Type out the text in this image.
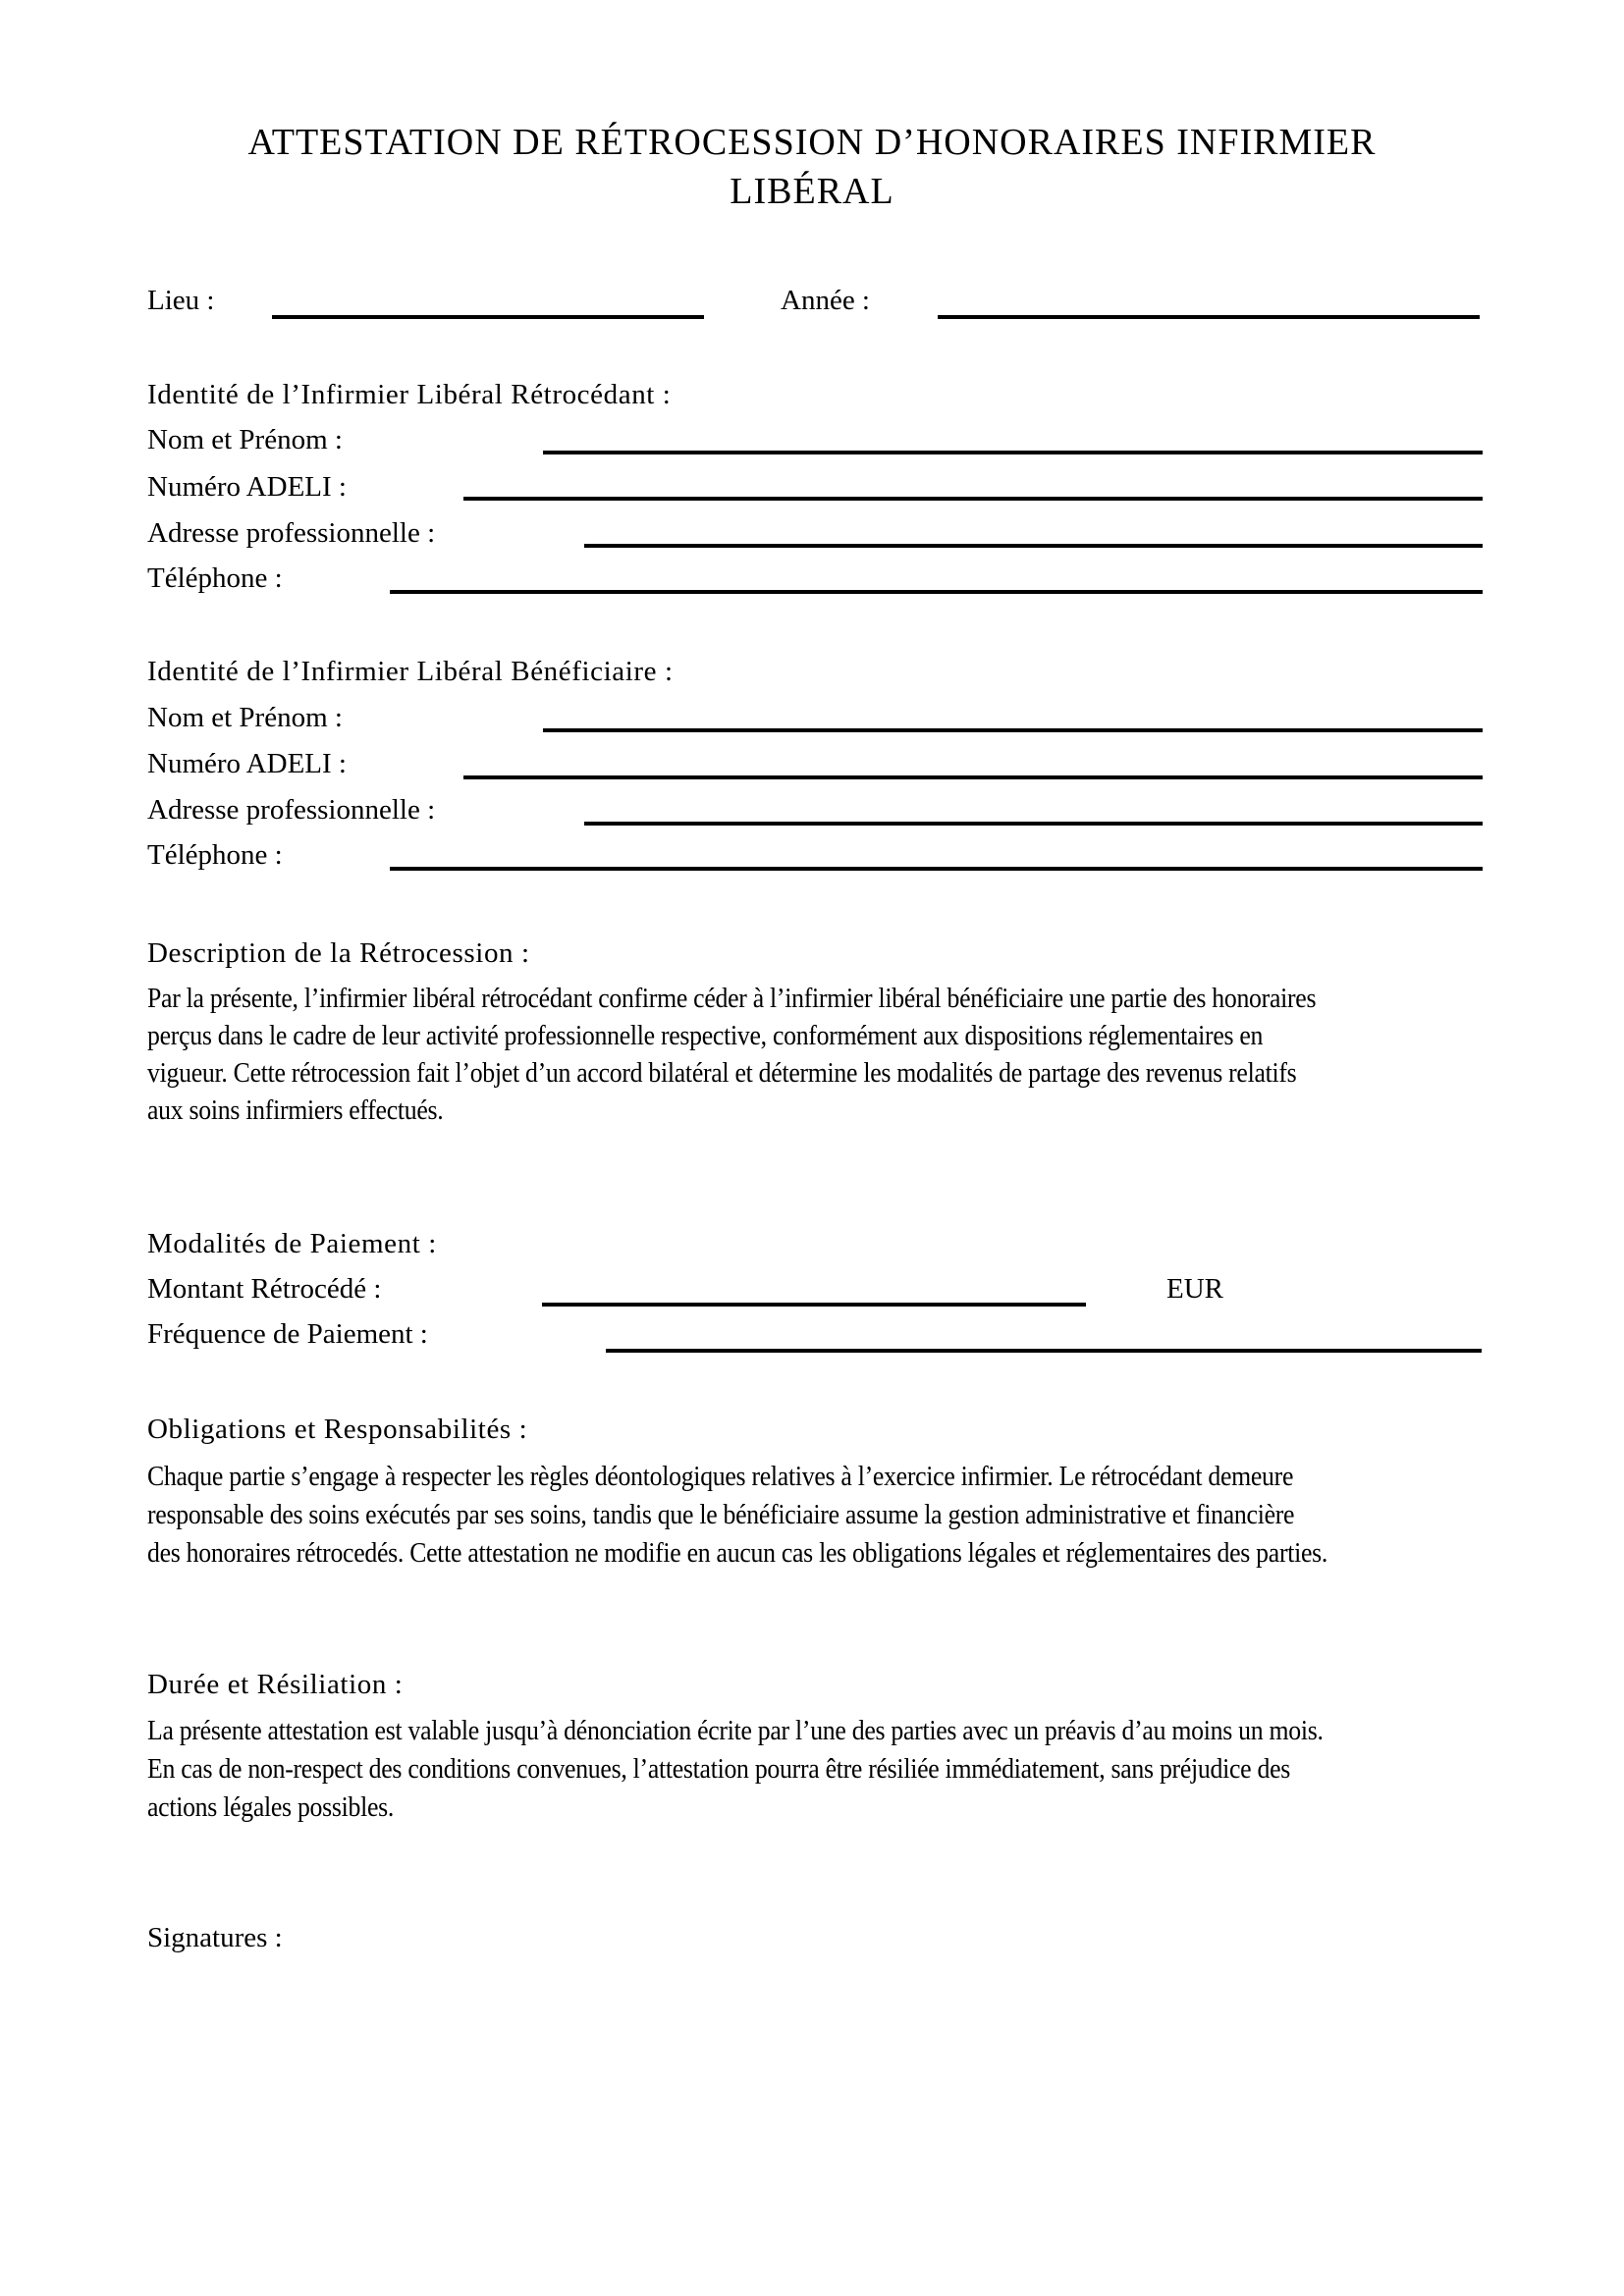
ATTESTATION DE RÉTROCESSION D’HONORAIRES INFIRMIER
LIBÉRAL
Lieu :	Année :
Identité de l’Infirmier Libéral Rétrocédant :
Nom et Prénom :
Numéro ADELI :
Adresse professionnelle :
Téléphone :
Identité de l’Infirmier Libéral Bénéficiaire :
Nom et Prénom :
Numéro ADELI :
Adresse professionnelle :
Téléphone :
Description de la Rétrocession :
Par la présente, l’infirmier libéral rétrocédant confirme céder à l’infirmier libéral bénéficiaire une partie des honoraires
perçus dans le cadre de leur activité professionnelle respective, conformément aux dispositions réglementaires en
vigueur. Cette rétrocession fait l’objet d’un accord bilatéral et détermine les modalités de partage des revenus relatifs
aux soins infirmiers effectués.
Modalités de Paiement :
Montant Rétrocédé :	EUR
Fréquence de Paiement :
Obligations et Responsabilités :
Chaque partie s’engage à respecter les règles déontologiques relatives à l’exercice infirmier. Le rétrocédant demeure
responsable des soins exécutés par ses soins, tandis que le bénéficiaire assume la gestion administrative et financière
des honoraires rétrocedés. Cette attestation ne modifie en aucun cas les obligations légales et réglementaires des parties.
Durée et Résiliation :
La présente attestation est valable jusqu’à dénonciation écrite par l’une des parties avec un préavis d’au moins un mois.
En cas de non-respect des conditions convenues, l’attestation pourra être résiliée immédiatement, sans préjudice des
actions légales possibles.
Signatures :
